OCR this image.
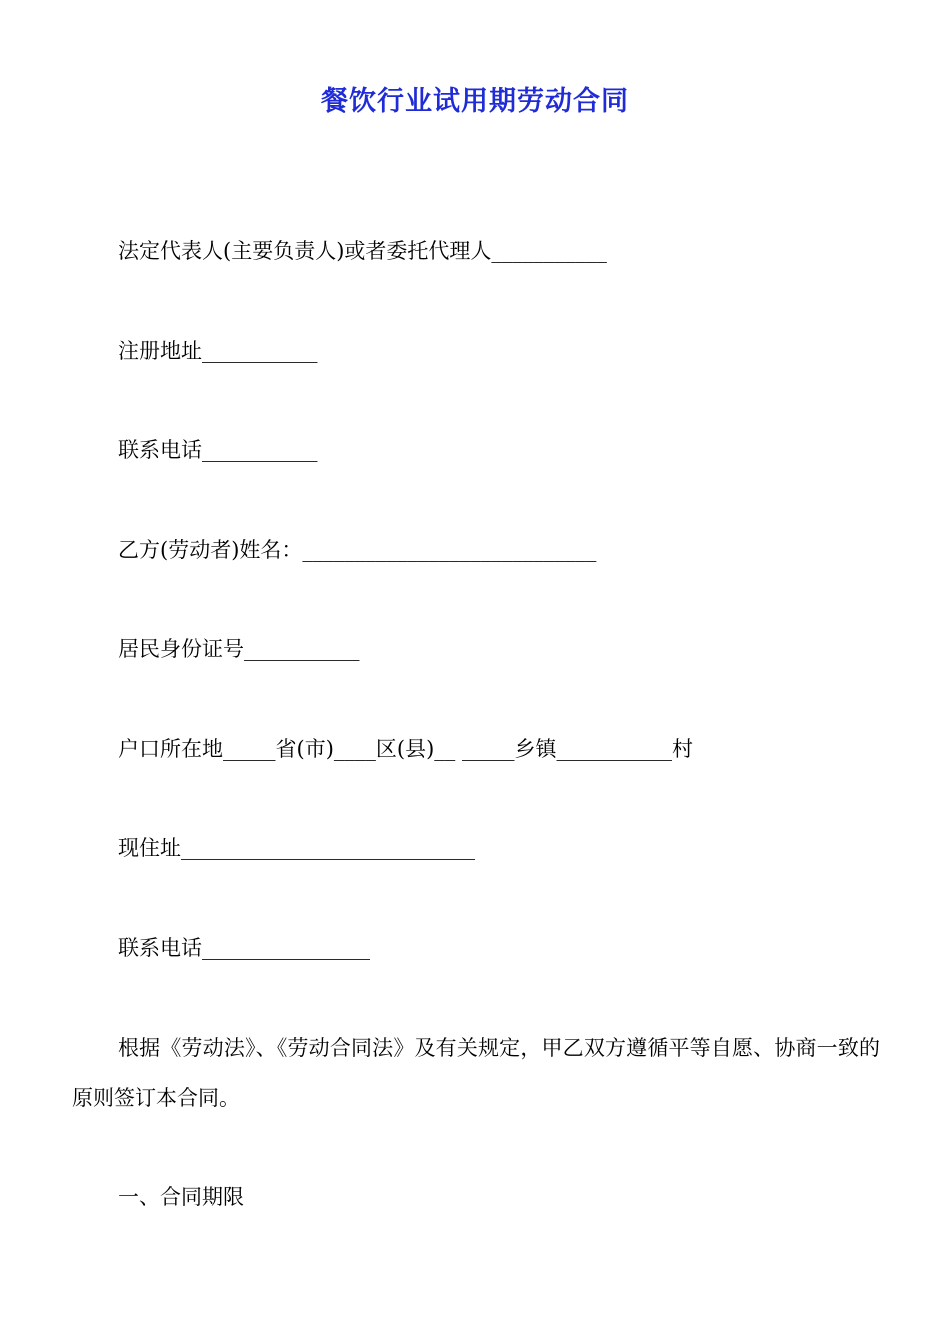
餐饮行业试用期劳动合同
法定代表人(主要负责人)或者委托代理人___________
注册地址___________
联系电话___________
乙方(劳动者)姓名：____________________________
居民身份证号___________
户口所在地_____省(市)____区(县)__ _____乡镇___________村
现住址____________________________
联系电话________________
根据《劳动法》、《劳动合同法》及有关规定，甲乙双方遵循平等自愿、协商一致的原则签订本合同。
一、合同期限
